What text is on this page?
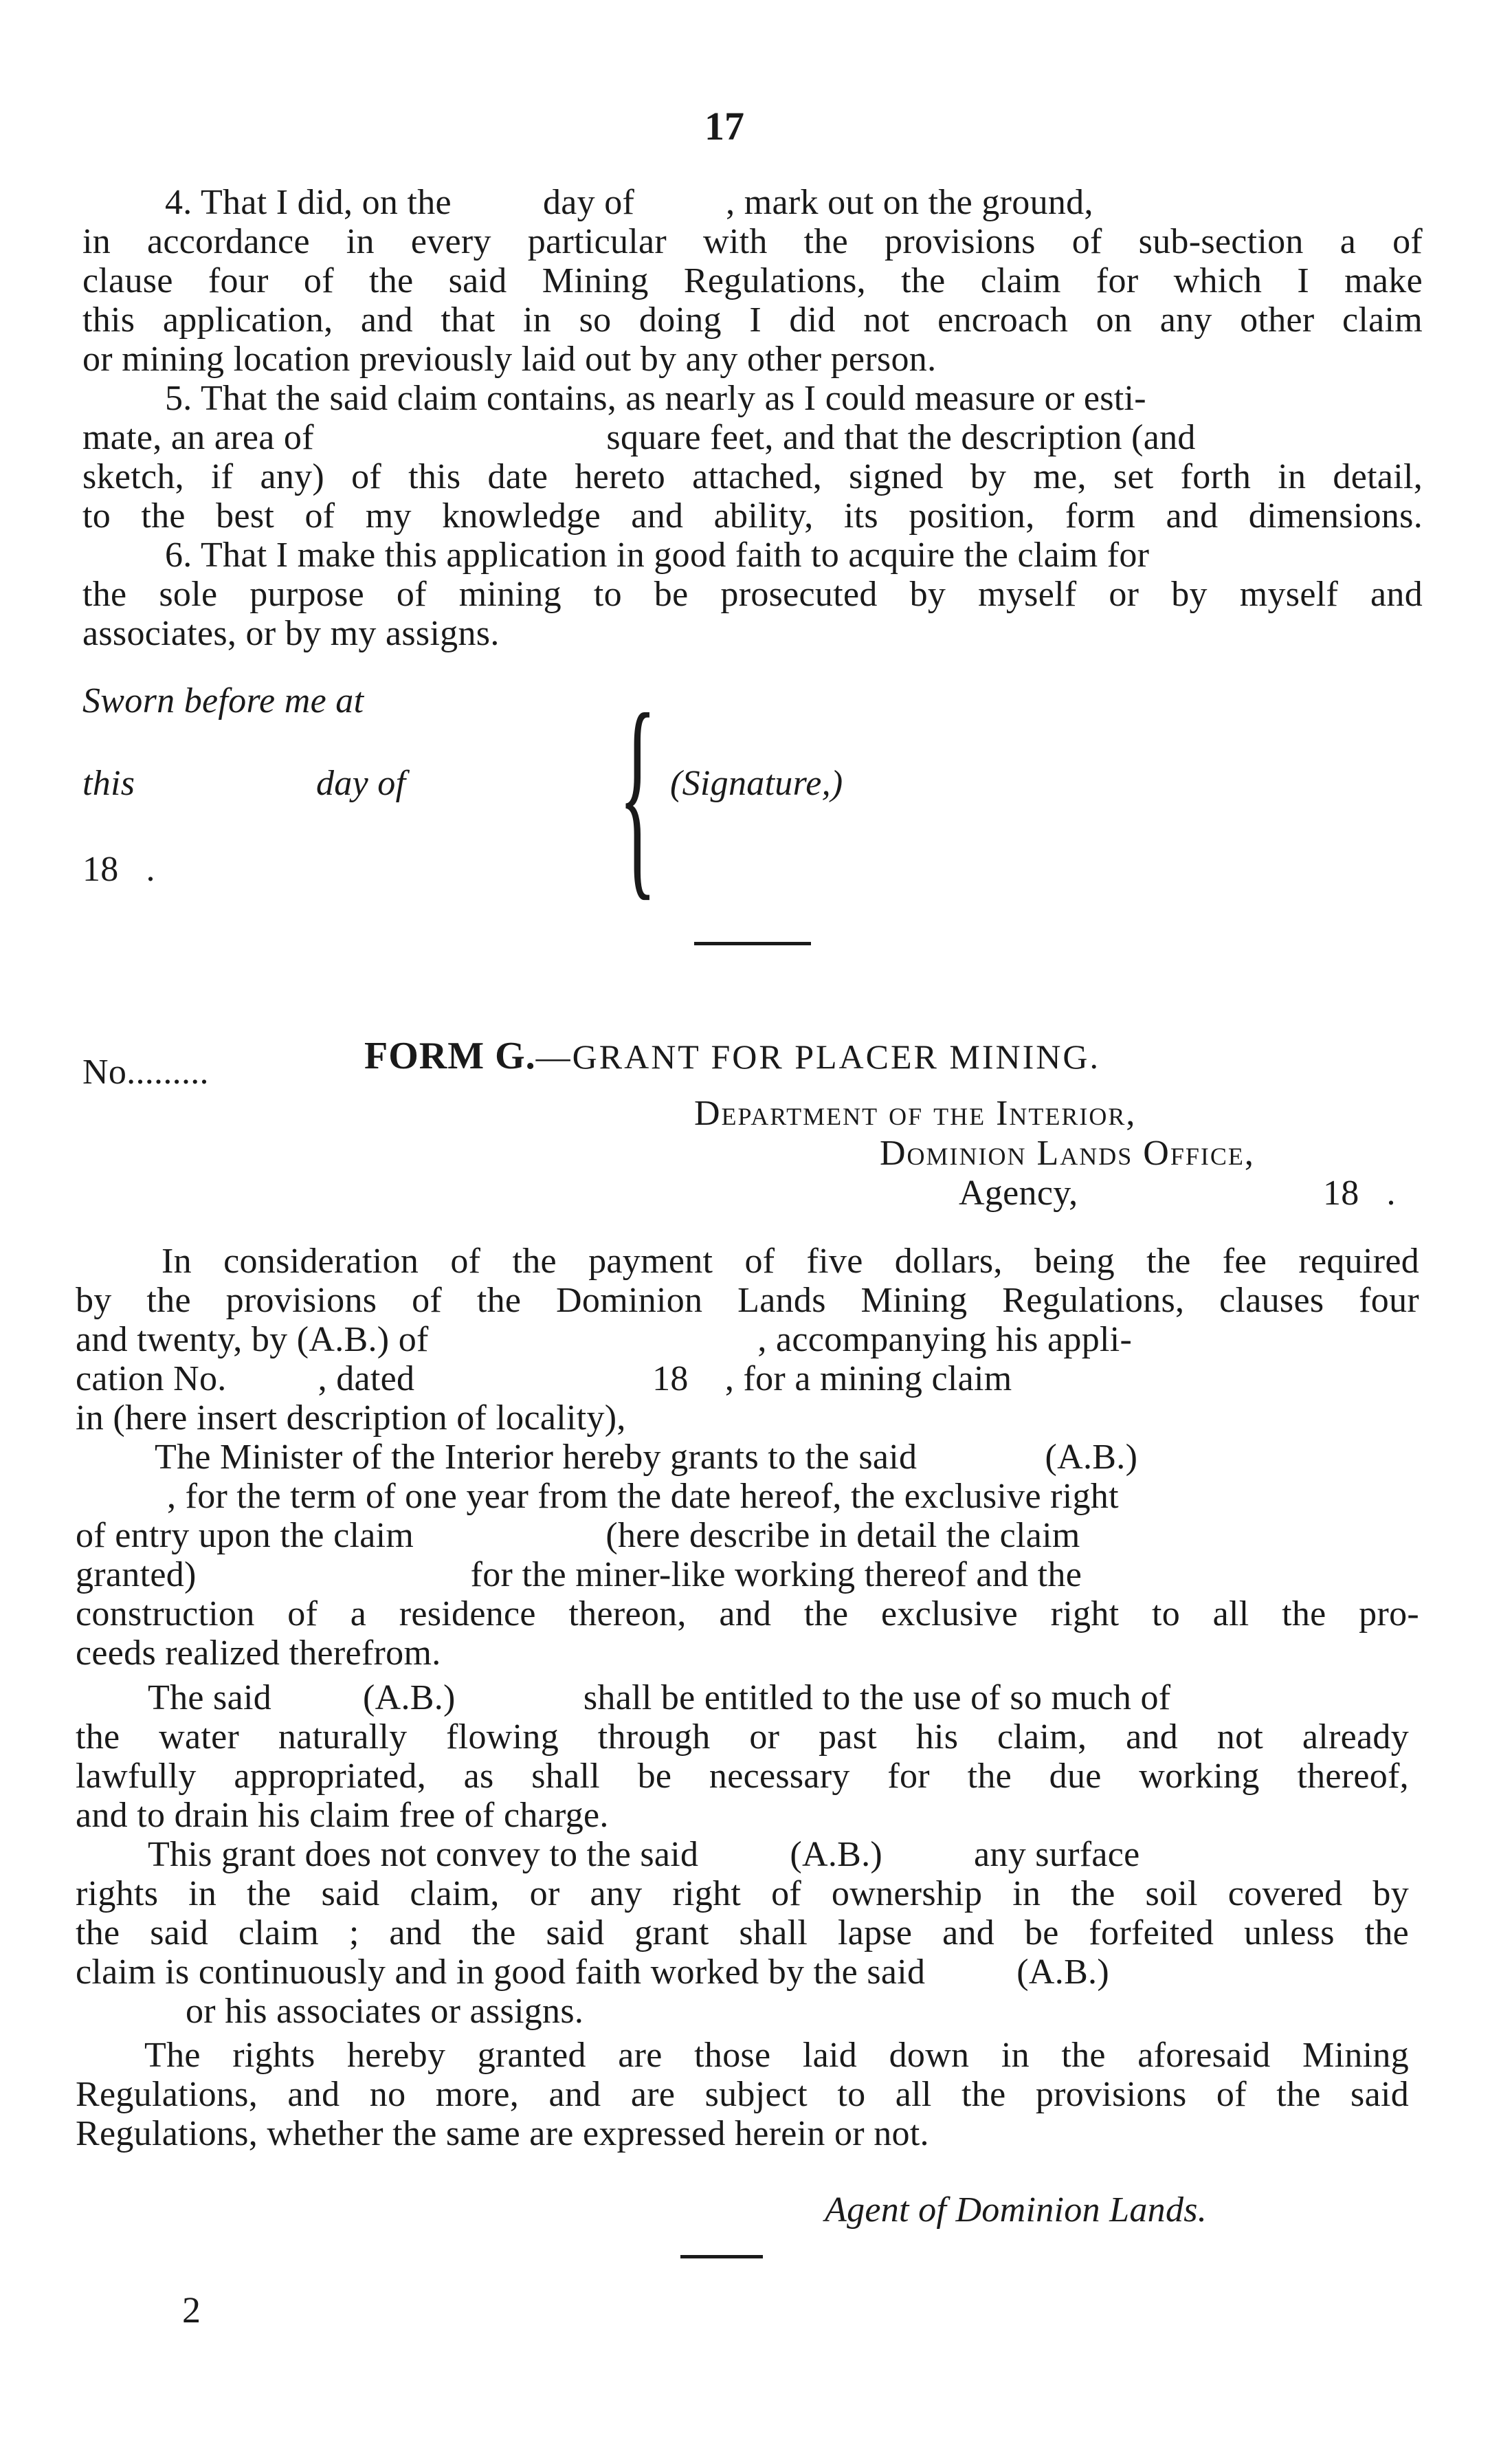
17
4. That I did, on the          day of          , mark out on the ground,
in accordance in every particular with the provisions of sub-section a of
clause four of the said Mining Regulations, the claim for which I make
this application, and that in so doing I did not encroach on any other claim
or mining location previously laid out by any other person.
5. That the said claim contains, as nearly as I could measure or esti-
mate, an area of                                square feet, and that the description (and
sketch, if any) of this date hereto attached, signed by me, set forth in detail,
to the best of my knowledge and ability, its position, form and dimensions.
6. That I make this application in good faith to acquire the claim for
the sole purpose of mining to be prosecuted by myself or by myself and
associates, or by my assigns.
Sworn before me at
this	day of
18   . { (Signature,)

FORM G.—GRANT FOR PLACER MINING.

No.........
Department of the Interior,
Dominion Lands Office,
Agency,	18   .
In consideration of the payment of five dollars, being the fee required
by the provisions of the Dominion Lands Mining Regulations, clauses four
and twenty, by (A.B.) of                                    , accompanying his appli-
cation No.          , dated                          18    , for a mining claim
in (here insert description of locality),
The Minister of the Interior hereby grants to the said              (A.B.)
, for the term of one year from the date hereof, the exclusive right
of entry upon the claim                     (here describe in detail the claim
granted)                              for the miner-like working thereof and the
construction of a residence thereon, and the exclusive right to all the pro-
ceeds realized therefrom.
The said          (A.B.)              shall be entitled to the use of so much of
the water naturally flowing through or past his claim, and not already
lawfully appropriated, as shall be necessary for the due working thereof,
and to drain his claim free of charge.
This grant does not convey to the said          (A.B.)          any surface
rights in the said claim, or any right of ownership in the soil covered by
the said claim ; and the said grant shall lapse and be forfeited unless the
claim is continuously and in good faith worked by the said          (A.B.)
or his associates or assigns.
The rights hereby granted are those laid down in the aforesaid Mining
Regulations, and no more, and are subject to all the provisions of the said
Regulations, whether the same are expressed herein or not.
Agent of Dominion Lands.
2
